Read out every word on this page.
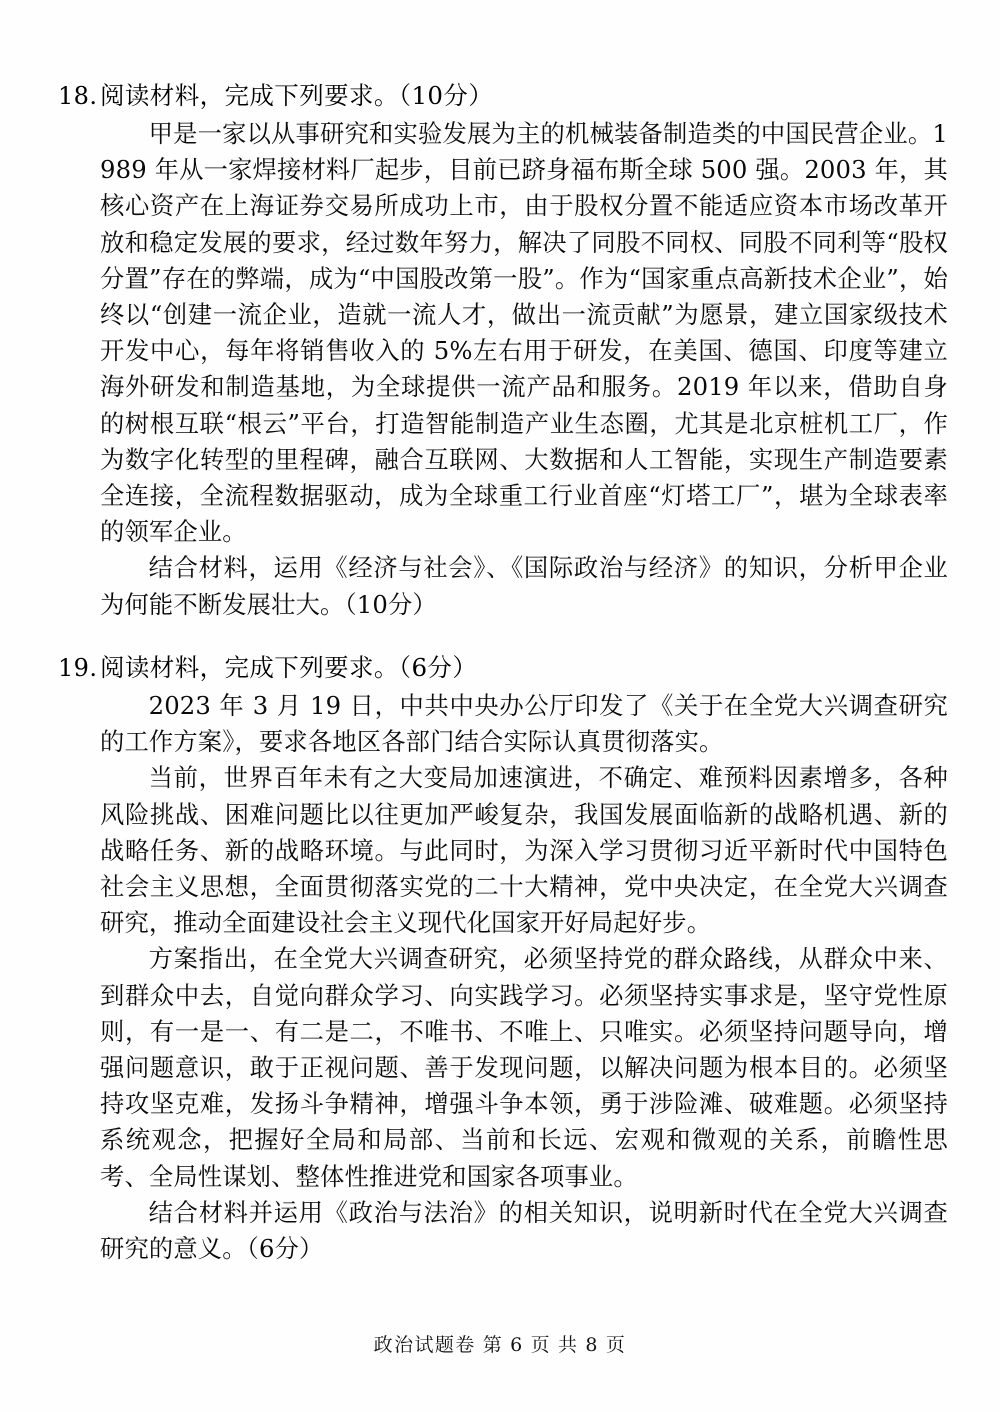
18. 阅读材料，完成下列要求。（10分）

甲是一家以从事研究和实验发展为主的机械装备制造类的中国民营企业。1989 年从一家焊接材料厂起步，目前已跻身福布斯全球 500 强。2003 年，其核心资产在上海证券交易所成功上市，由于股权分置不能适应资本市场改革开放和稳定发展的要求，经过数年努力，解决了同股不同权、同股不同利等“股权分置”存在的弊端，成为“中国股改第一股”。作为“国家重点高新技术企业”，始终以“创建一流企业，造就一流人才，做出一流贡献”为愿景，建立国家级技术开发中心，每年将销售收入的 5%左右用于研发，在美国、德国、印度等建立海外研发和制造基地，为全球提供一流产品和服务。2019 年以来，借助自身的树根互联“根云”平台，打造智能制造产业生态圈，尤其是北京桩机工厂，作为数字化转型的里程碑，融合互联网、大数据和人工智能，实现生产制造要素全连接，全流程数据驱动，成为全球重工行业首座“灯塔工厂”，堪为全球表率的领军企业。

结合材料，运用《经济与社会》、《国际政治与经济》的知识，分析甲企业为何能不断发展壮大。（10分）

19. 阅读材料，完成下列要求。（6分）

2023 年 3 月 19 日，中共中央办公厅印发了《关于在全党大兴调查研究的工作方案》，要求各地区各部门结合实际认真贯彻落实。

当前，世界百年未有之大变局加速演进，不确定、难预料因素增多，各种风险挑战、困难问题比以往更加严峻复杂，我国发展面临新的战略机遇、新的战略任务、新的战略环境。与此同时，为深入学习贯彻习近平新时代中国特色社会主义思想，全面贯彻落实党的二十大精神，党中央决定，在全党大兴调查研究，推动全面建设社会主义现代化国家开好局起好步。

方案指出，在全党大兴调查研究，必须坚持党的群众路线，从群众中来、到群众中去，自觉向群众学习、向实践学习。必须坚持实事求是，坚守党性原则，有一是一、有二是二，不唯书、不唯上、只唯实。必须坚持问题导向，增强问题意识，敢于正视问题、善于发现问题，以解决问题为根本目的。必须坚持攻坚克难，发扬斗争精神，增强斗争本领，勇于涉险滩、破难题。必须坚持系统观念，把握好全局和局部、当前和长远、宏观和微观的关系，前瞻性思考、全局性谋划、整体性推进党和国家各项事业。

结合材料并运用《政治与法治》的相关知识，说明新时代在全党大兴调查研究的意义。（6分）

政治试题卷 第 6 页 共 8 页
